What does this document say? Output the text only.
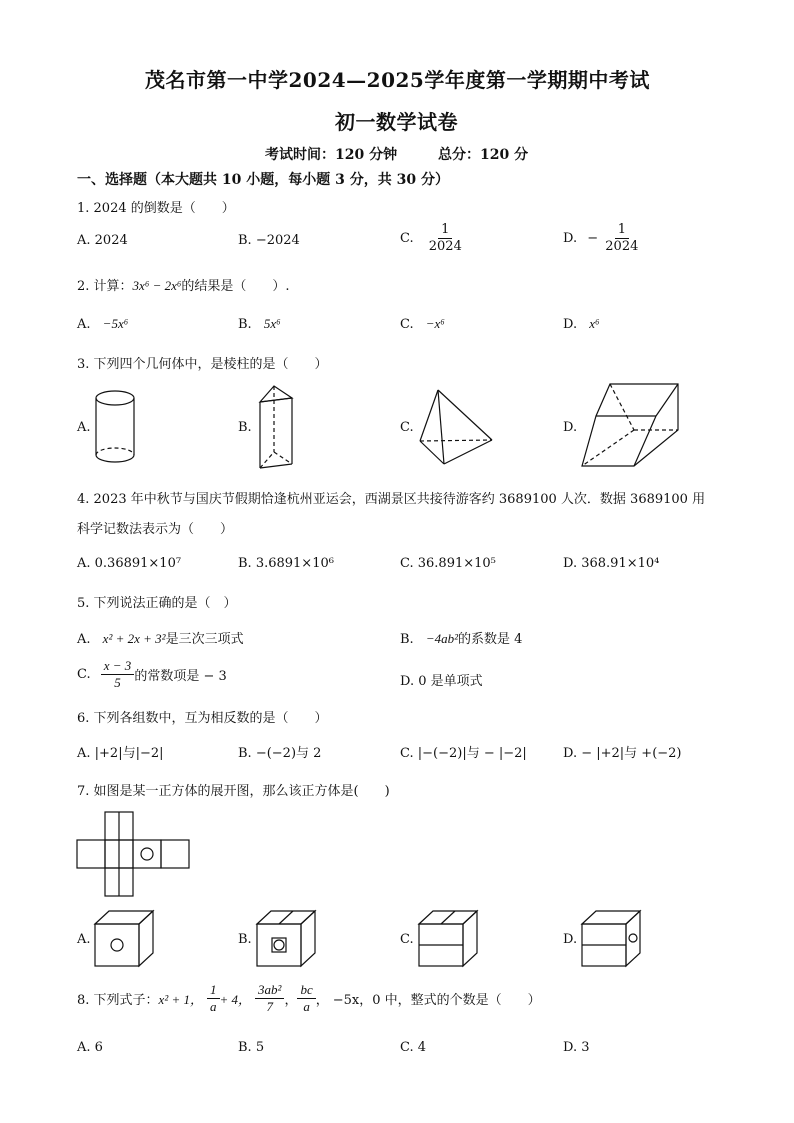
茂名市第一中学2024—2025学年度第一学期期中考试
初一数学试卷
考试时间：120 分钟	总分：120 分
一、选择题（本大题共 10 小题，每小题 3 分，共 30 分）
1. 2024 的倒数是（　　）
A. 2024	B. −2024	C. $\frac{1}{2024}$	D. − $\frac{1}{2024}$
2. 计算：3x⁶ − 2x⁶的结果是（　　）.
A. −5x⁶	B. 5x⁶	C. −x⁶	D. x⁶
3. 下列四个几何体中，是棱柱的是（　　）
A.	B.	C.	D.
4. 2023 年中秋节与国庆节假期恰逢杭州亚运会，西湖景区共接待游客约 3689100 人次．数据 3689100 用
科学记数法表示为（　　）
A. 0.36891×10⁷	B. 3.6891×10⁶	C. 36.891×10⁵	D. 368.91×10⁴
5. 下列说法正确的是（　）
A. x² + 2x + 3²是三次三项式	B. −4ab²的系数是 4
C. $\frac{x - 3}{5}$ 的常数项是 − 3	D. 0 是单项式
6. 下列各组数中，互为相反数的是（　　）
A. |+2|与|−2|	B. −(−2)与 2	C. |−(−2)|与 − |−2|	D. − |+2|与 +(−2)
7. 如图是某一正方体的展开图，那么该正方体是(　　)
A.	B.	C.	D.
8. 下列式子： x² + 1， $\frac{1}{a} + 4$， $\frac{\text{3ab²}}{7}$ ， $\frac{bc}{a}$ ， −5x，0 中，整式的个数是（　　）
A. 6	B. 5	C. 4	D. 3
